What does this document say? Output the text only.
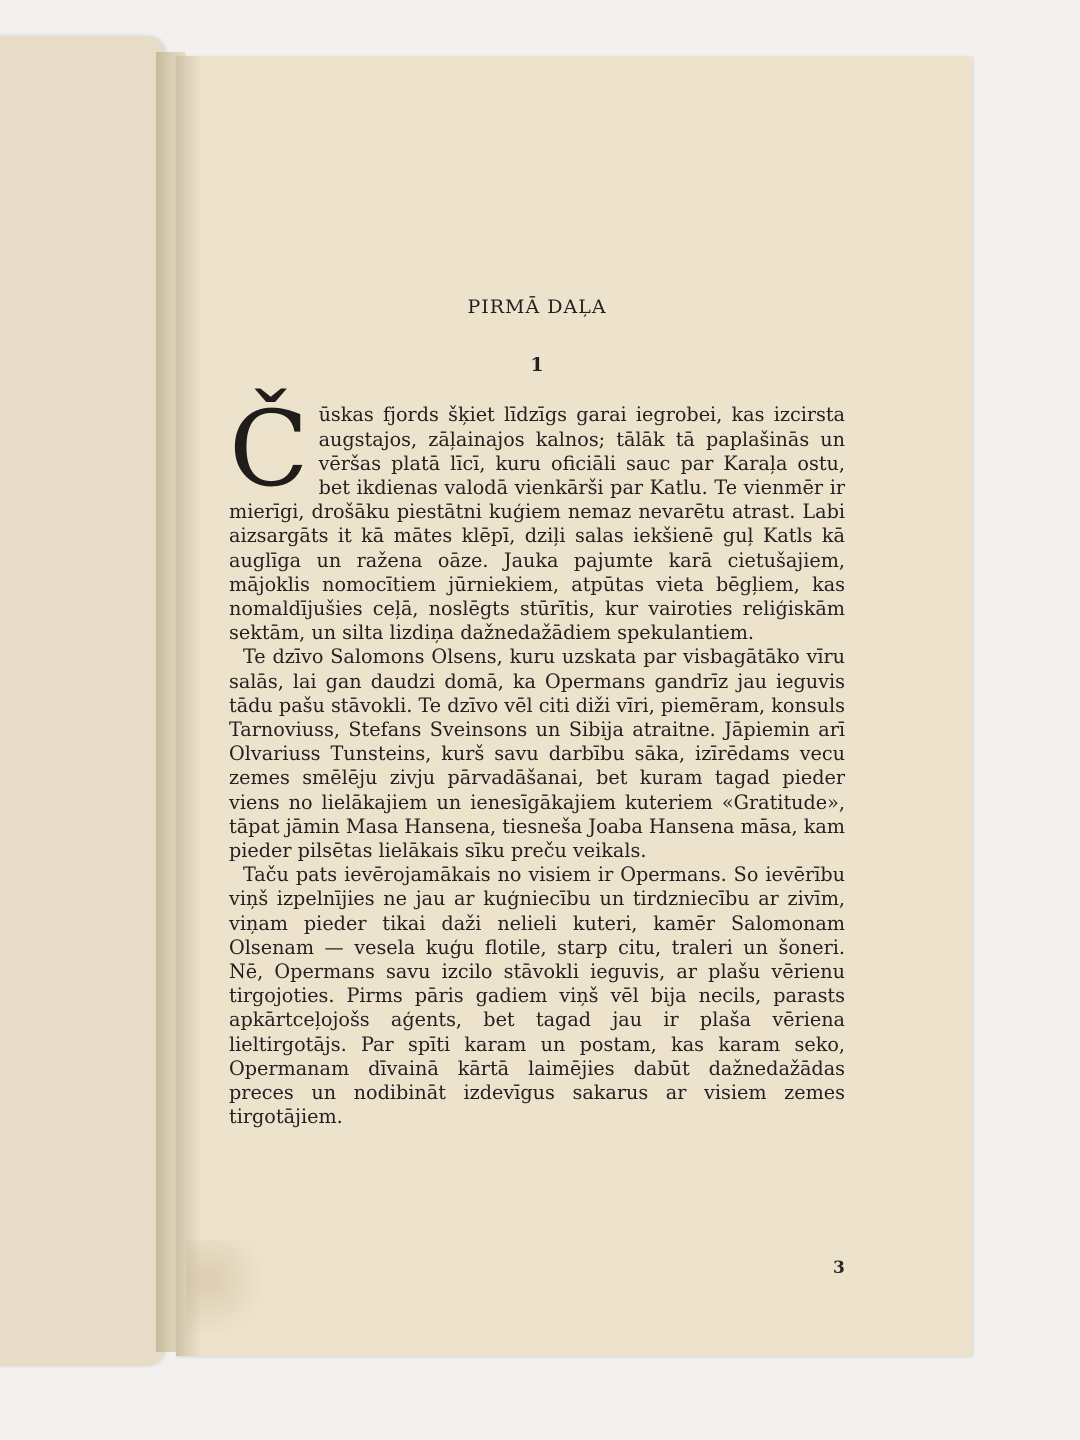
PIRMĀ DAĻA
1

Č ūskas fjords šķiet līdzīgs garai iegrobei, kas izcirsta augstajos, zāļainajos kalnos; tālāk tā paplašinās un vēršas platā līcī, kuru oficiāli sauc par Karaļa ostu, bet ikdienas valodā vienkārši par Katlu. Te vienmēr ir mierīgi, drošāku piestātni kuģiem nemaz nevarētu atrast. Labi aizsargāts it kā mātes klēpī, dziļi salas iekšienē guļ Katls kā auglīga un ražena oāze. Jauka pajumte karā cietušajiem, mājoklis nomocītiem jūrniekiem, atpūtas vieta bēgļiem, kas nomaldījušies ceļā, noslēgts stūrītis, kur vairoties reliģiskām sektām, un silta lizdiņa dažnedažādiem spekulantiem.

Te dzīvo Salomons Olsens, kuru uzskata par visbagātāko vīru salās, lai gan daudzi domā, ka Opermans gandrīz jau ieguvis tādu pašu stāvokli. Te dzīvo vēl citi diži vīri, piemēram, konsuls Tarnoviuss, Stefans Sveinsons un Sibija atraitne. Jāpiemin arī Olvariuss Tunsteins, kurš savu darbību sāka, izīrēdams vecu zemes smēlēju zivju pārvadāšanai, bet kuram tagad pieder viens no lielākajiem un ienesīgākajiem kuteriem «Gratitude», tāpat jāmin Masa Hansena, tiesneša Joaba Hansena māsa, kam pieder pilsētas lielākais sīku preču veikals.

Taču pats ievērojamākais no visiem ir Opermans. So ievērību viņš izpelnījies ne jau ar kuģniecību un tirdzniecību ar zivīm, viņam pieder tikai daži nelieli kuteri, kamēr Salomonam Olsenam — vesela kuģu flotile, starp citu, traleri un šoneri. Nē, Opermans savu izcilo stāvokli ieguvis, ar plašu vērienu tirgojoties. Pirms pāris gadiem viņš vēl bija necils, parasts apkārtceļojošs aģents, bet tagad jau ir plaša vēriena lieltirgotājs. Par spīti karam un postam, kas karam seko, Opermanam dīvainā kārtā laimējies dabūt dažnedažādas preces un nodibināt izdevīgus sakarus ar visiem zemes tirgotājiem.

3
